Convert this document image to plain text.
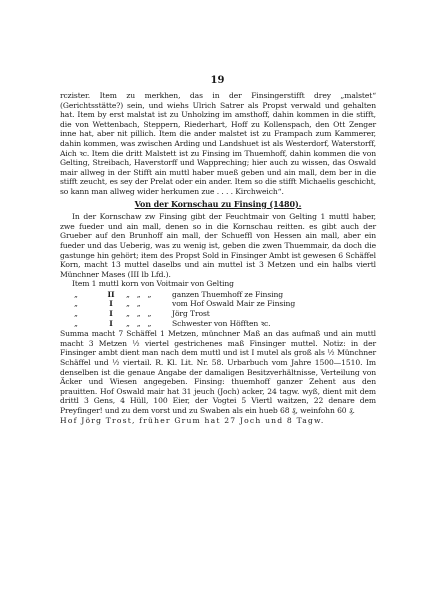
19

rczister. Item zu merkhen, das in der Finsingerstifft drey „malstet“ (Gerichtsstätte?) sein, und wiehs Ulrich Satrer als Propst verwald und gehalten hat. Item by erst malstat ist zu Unholzing im amsthoff, dahin kommen in die stifft, die von Wettenbach, Steppern, Riederhart, Hoff zu Kollenspach, den Ott Zenger inne hat, aber nit pillich. Item die ander malstet ist zu Frampach zum Kammerer, dahin kommen, was zwischen Arding und Landshuet ist als Westerdorf, Waterstorff, Aich ꝛc. Item die dritt Malstett ist zu Finsing im Thuemhoff, dahin kommen die von Gelting, Streibach, Haverstorff und Wappreching; hier auch zu wissen, das Oswald mair allweg in der Stifft ain muttl haber mueß geben und ain mall, dem ber in die stifft zeucht, es sey der Prelat oder ein ander. Item so die stifft Michaelis geschicht, so kann man allweg wider herkumen zue . . . . Kirchweich“.

Von der Kornschau zu Finsing (1480).

In der Kornschaw zw Finsing gibt der Feuchtmair von Gelting 1 muttl haber, zwe fueder und ain mall, denen so in die Kornschau reitten. es gibt auch der Grueber auf den Brunhoff ain mall, der Schueffl von Hessen ain mall, aber ein fueder und das Ueberig, was zu wenig ist, geben die zwen Thuemmair, da doch die gastunge hin gehört; item des Propst Sold in Finsinger Ambt ist gewesen 6 Schäffel Korn, macht 13 muttel daselbs und ain muttel ist 3 Metzen und ein halbs viertl Münchner Mases (III lb Lfd.).

Item 1 muttl korn von Voitmair von Gelting

„	II	„   „   „	ganzen Thuemhoff ze Finsing
„	I	„   „	vom Hof Oswald Mair ze Finsing
„	I	„   „   „	Jörg Trost
„	I	„   „   „	Schwester von Höfften ꝛc.

Summa macht 7 Schäffel 1 Metzen, münchner Maß an das aufmaß und ain muttl macht 3 Metzen ½ viertel gestrichenes maß Finsinger muttel. Notiz: in der Finsinger ambt dient man nach dem muttl und ist I mutel als groß als ½ Münchner Schäffel und ½ viertail. R. Kl. Lit. Nr. 58. Urbarbuch vom Jahre 1500—1510. Im denselben ist die genaue Angabe der damaligen Besitzverhältnisse, Verteilung von Äcker und Wiesen angegeben. Finsing: thuemhoff ganzer Zehent aus den prauitten. Hof Oswald mair hat 31 jeuch (Joch) acker, 24 tagw. wyß, dient mit dem drittl 3 Gens, 4 Hüll, 100 Eier, der Vogtei 5 Viertl waitzen, 22 denare dem Preyfinger! und zu dem vorst und zu Swaben als ein hueb 68 ₰, weinfohn 60 ₰.

Hof Jörg Trost, früher Grum hat 27 Joch und 8 Tagw.
